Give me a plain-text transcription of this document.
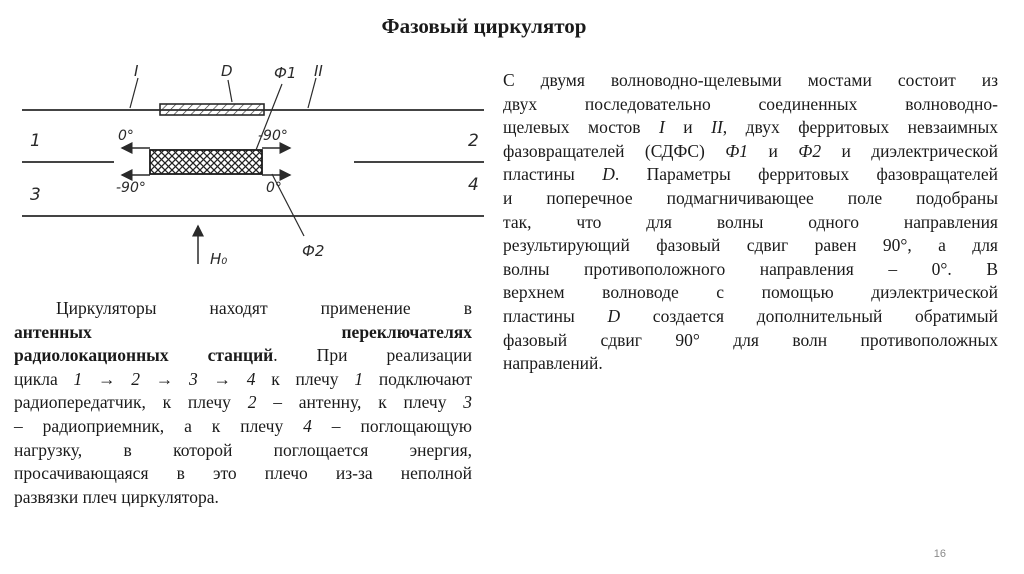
Фазовый циркулятор
I	D	Ф1 II
1	2
3	4
0°	-90°
-90°	0°
H₀	Ф2
С двумя волноводно-щелевыми мостами состоит из
двух последовательно соединенных волноводно-
щелевых мостов I и II, двух ферритовых невзаимных
фазовращателей (СДФС) Ф1 и Ф2 и диэлектрической
пластины D. Параметры ферритовых фазовращателей
и поперечное подмагничивающее поле подобраны
так, что для волны одного направления
результирующий фазовый сдвиг равен 90°, а для
волны противоположного направления – 0°. В
верхнем волноводе с помощью диэлектрической
пластины D создается дополнительный обратимый
фазовый сдвиг 90° для волн противоположных
направлений.
Циркуляторы находят применение в
антенных переключателях
радиолокационных станций. При реализации
цикла 1 → 2 → 3 → 4 к плечу 1 подключают
радиопередатчик, к плечу 2 – антенну, к плечу 3
– радиоприемник, а к плечу 4 – поглощающую
нагрузку, в которой поглощается энергия,
просачивающаяся в это плечо из-за неполной
развязки плеч циркулятора.
16
